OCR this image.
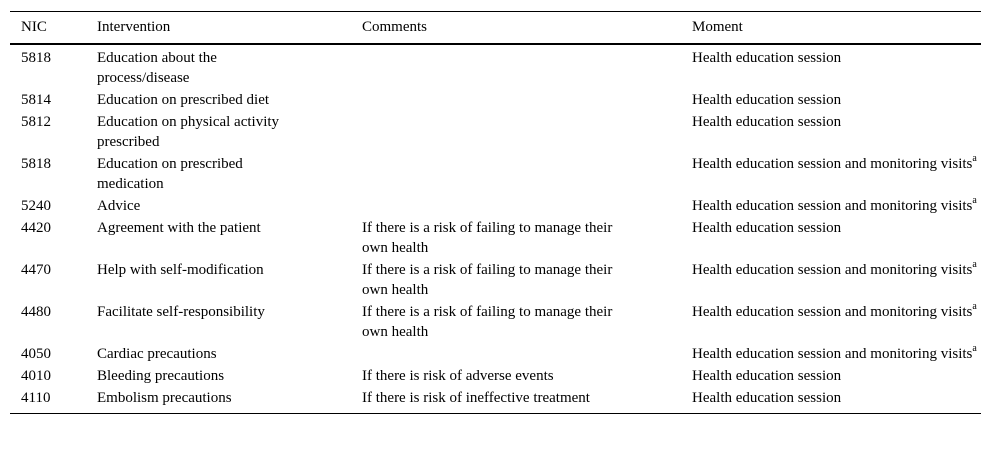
NIC	Intervention	Comments	Moment
5818	Education about the process/disease		Health education session

5814	Education on prescribed diet		Health education session

5812	Education on physical activity prescribed		Health education session

5818	Education on prescribed medication		Health education session and monitoring visits$^a$

5240	Advice		Health education session and monitoring visits$^a$

4420	Agreement with the patient	If there is a risk of failing to manage their own health	Health education session

4470	Help with self-modification	If there is a risk of failing to manage their own health	Health education session and monitoring visits$^a$

4480	Facilitate self-responsibility	If there is a risk of failing to manage their own health	Health education session and monitoring visits$^a$

4050	Cardiac precautions		Health education session and monitoring visits$^a$

4010	Bleeding precautions	If there is risk of adverse events	Health education session

4110	Embolism precautions	If there is risk of ineffective treatment	Health education session
